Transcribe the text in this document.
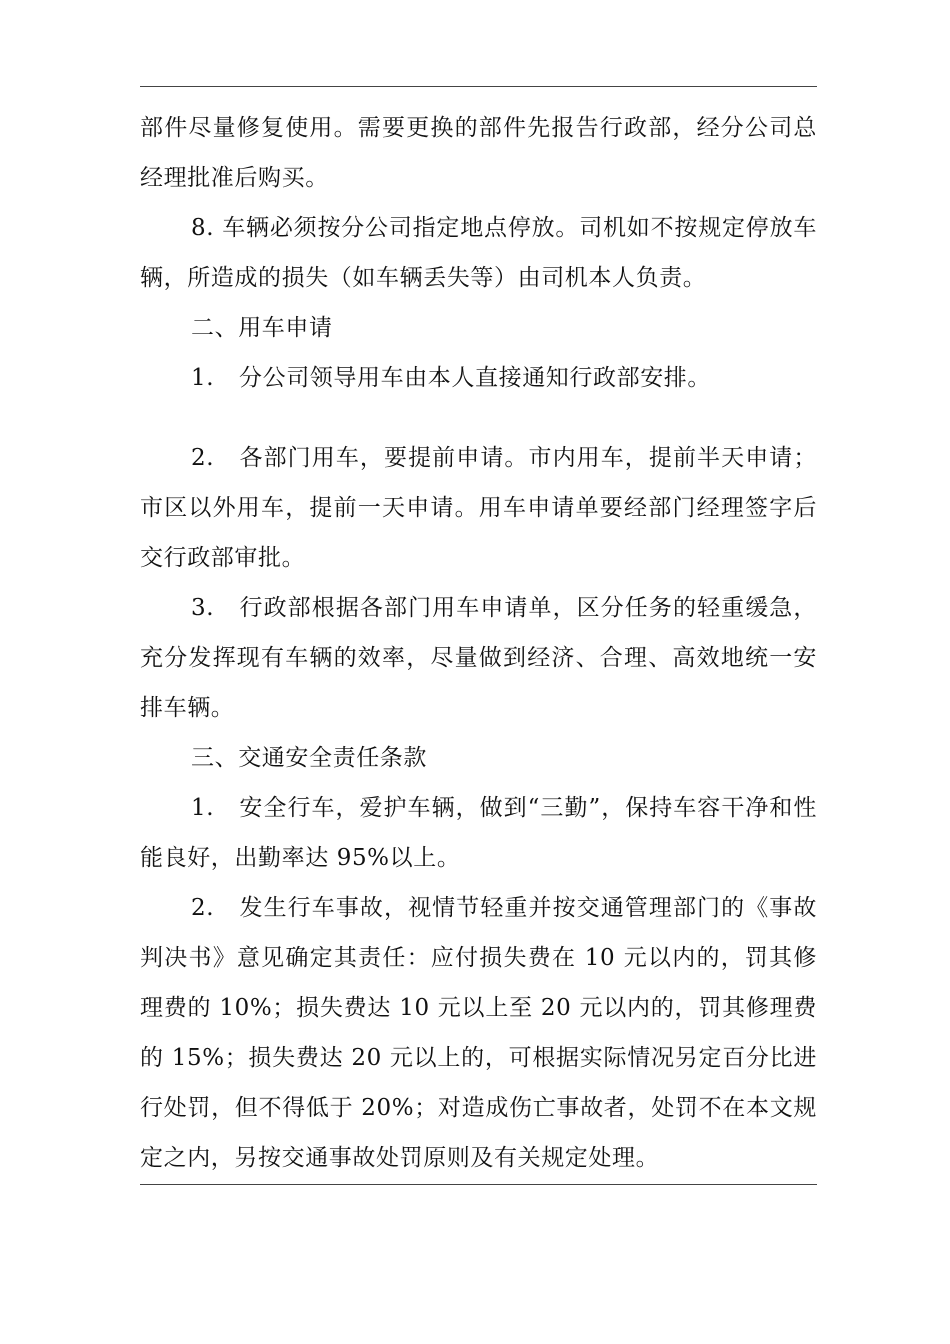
部件尽量修复使用。需要更换的部件先报告行政部，经分公司总经理批准后购买。

8. 车辆必须按分公司指定地点停放。司机如不按规定停放车辆，所造成的损失（如车辆丢失等）由司机本人负责。

二、用车申请

1. 分公司领导用车由本人直接通知行政部安排。

2. 各部门用车，要提前申请。市内用车，提前半天申请；市区以外用车，提前一天申请。用车申请单要经部门经理签字后交行政部审批。

3. 行政部根据各部门用车申请单，区分任务的轻重缓急，充分发挥现有车辆的效率，尽量做到经济、合理、高效地统一安排车辆。

三、交通安全责任条款

1. 安全行车，爱护车辆，做到“三勤”，保持车容干净和性能良好，出勤率达 95%以上。

2. 发生行车事故，视情节轻重并按交通管理部门的《事故判决书》意见确定其责任：应付损失费在 10 元以内的，罚其修理费的 10%；损失费达 10 元以上至 20 元以内的，罚其修理费的 15%；损失费达 20 元以上的，可根据实际情况另定百分比进行处罚，但不得低于 20%；对造成伤亡事故者，处罚不在本文规定之内，另按交通事故处罚原则及有关规定处理。
